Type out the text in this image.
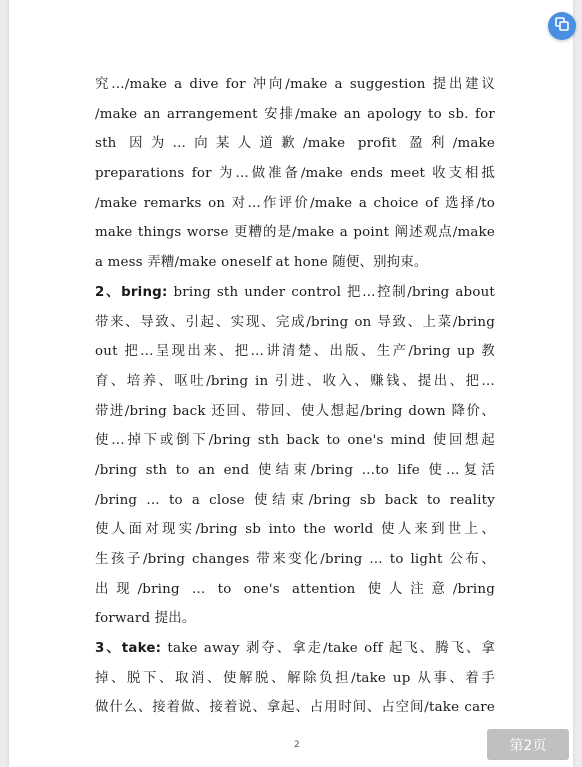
究…/make a dive for 冲向/make a suggestion 提出建议
/make an arrangement 安排/make an apology to sb. for
sth 因为…向某人道歉/make profit 盈利/make
preparations for 为…做准备/make ends meet 收支相抵
/make remarks on 对…作评价/make a choice of 选择/to
make things worse 更糟的是/make a point 阐述观点/make
a mess 弄糟/make oneself at hone 随便、别拘束。
2、bring: bring sth under control 把…控制/bring about
带来、导致、引起、实现、完成/bring on 导致、上菜/bring
out 把…呈现出来、把…讲清楚、出版、生产/bring up 教
育、培养、呕吐/bring in 引进、收入、赚钱、提出、把…
带进/bring back 还回、带回、使人想起/bring down 降价、
使…掉下或倒下/bring sth back to one's mind 使回想起
/bring sth to an end 使结束/bring …to life 使…复活
/bring … to a close 使结束/bring sb back to reality
使人面对现实/bring sb into the world 使人来到世上、
生孩子/bring changes 带来变化/bring … to light 公布、
出现/bring … to one's attention 使人注意/bring
forward 提出。
3、take: take away 剥夺、拿走/take off 起飞、腾飞、拿
掉、脱下、取消、使解脱、解除负担/take up 从事、着手
做什么、接着做、接着说、拿起、占用时间、占空间/take care
2	第2页
